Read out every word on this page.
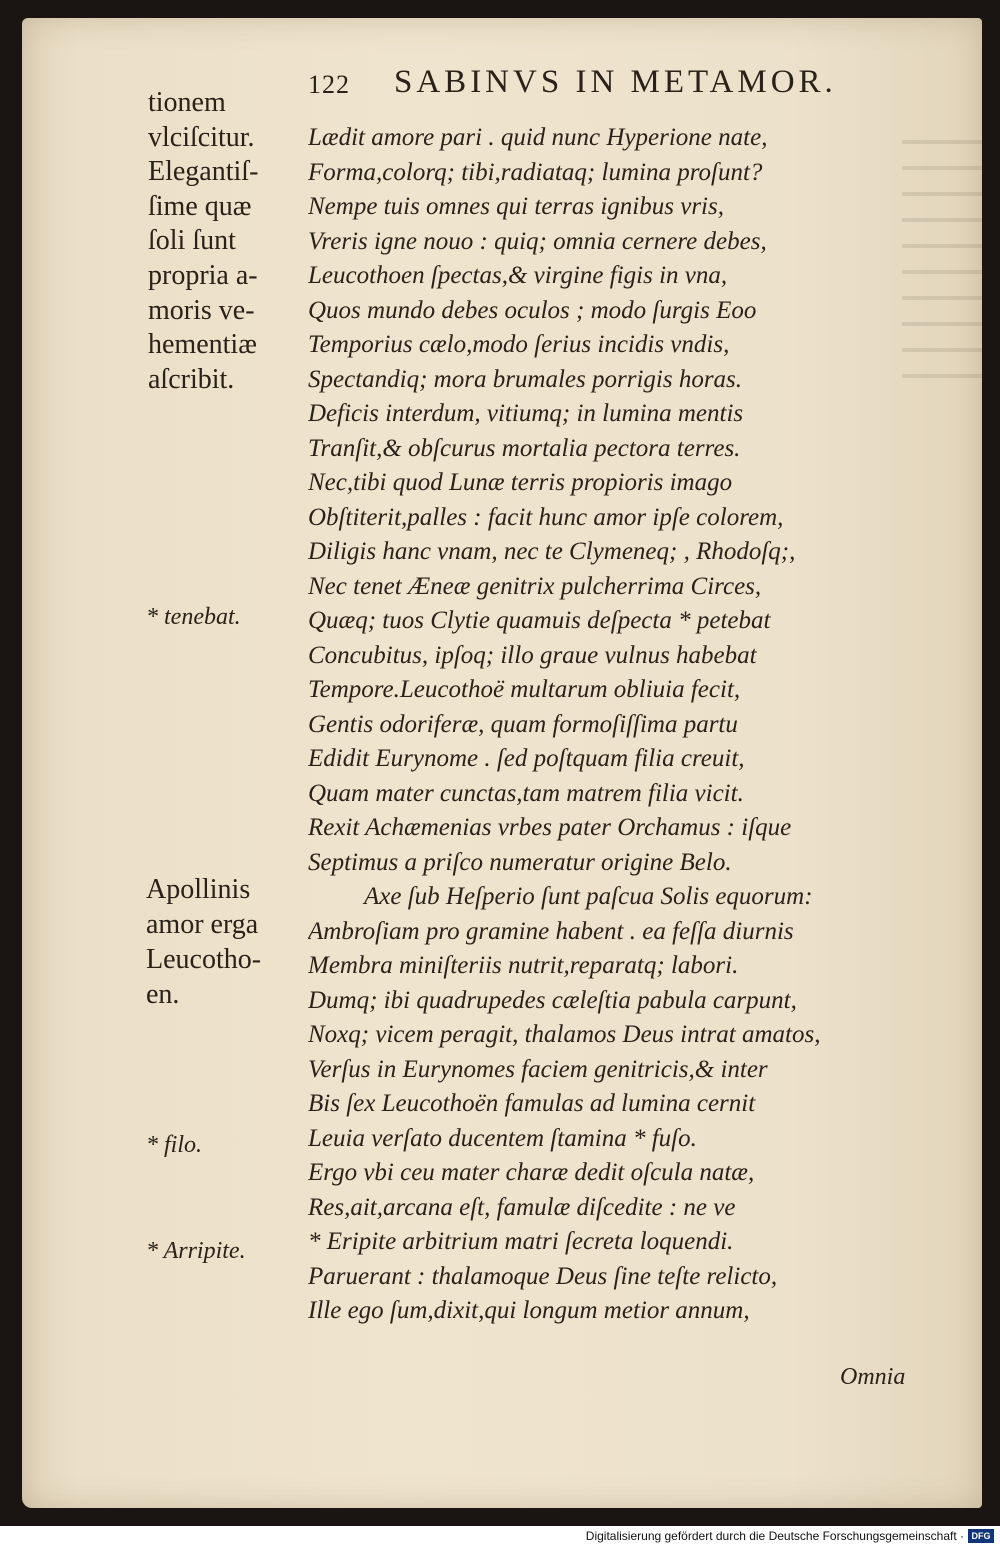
122 SABINVS IN METAMOR.
tionem
vlciſcitur.
Elegantiſ-
ſime quæ
ſoli ſunt
propria a-
moris ve-
hementiæ
aſcribit.
* tenebat.
Apollinis
amor erga
Leucotho-
en.
* filo.
* Arripite.
Lædit amore pari . quid nunc Hyperione nate,
Forma,colorq; tibi,radiataq; lumina proſunt?
Nempe tuis omnes qui terras ignibus vris,
Vreris igne nouo : quiq; omnia cernere debes,
Leucothoen ſpectas,& virgine figis in vna,
Quos mundo debes oculos ; modo ſurgis Eoo
Temporius cælo,modo ſerius incidis vndis,
Spectandiq; mora brumales porrigis horas.
Deficis interdum, vitiumq; in lumina mentis
Tranſit,& obſcurus mortalia pectora terres.
Nec,tibi quod Lunæ terris propioris imago
Obſtiterit,palles : facit hunc amor ipſe colorem,
Diligis hanc vnam, nec te Clymeneq; , Rhodoſq;,
Nec tenet Æneæ genitrix pulcherrima Circes,
Quæq; tuos Clytie quamuis deſpecta * petebat
Concubitus, ipſoq; illo graue vulnus habebat
Tempore.Leucothoë multarum obliuia fecit,
Gentis odoriferæ, quam formoſiſſima partu
Edidit Eurynome . ſed poſtquam filia creuit,
Quam mater cunctas,tam matrem filia vicit.
Rexit Achæmenias vrbes pater Orchamus : iſque
Septimus a priſco numeratur origine Belo.
Axe ſub Heſperio ſunt paſcua Solis equorum:
Ambroſiam pro gramine habent . ea feſſa diurnis
Membra miniſteriis nutrit,reparatq; labori.
Dumq; ibi quadrupedes cæleſtia pabula carpunt,
Noxq; vicem peragit, thalamos Deus intrat amatos,
Verſus in Eurynomes faciem genitricis,& inter
Bis ſex Leucothoën famulas ad lumina cernit
Leuia verſato ducentem ſtamina * fuſo.
Ergo vbi ceu mater charæ dedit oſcula natæ,
Res,ait,arcana eſt, famulæ diſcedite : ne ve
* Eripite arbitrium matri ſecreta loquendi.
Paruerant : thalamoque Deus ſine teſte relicto,
Ille ego ſum,dixit,qui longum metior annum,
Omnia
Digitalisierung gefördert durch die Deutsche Forschungsgemeinschaft · DFG
